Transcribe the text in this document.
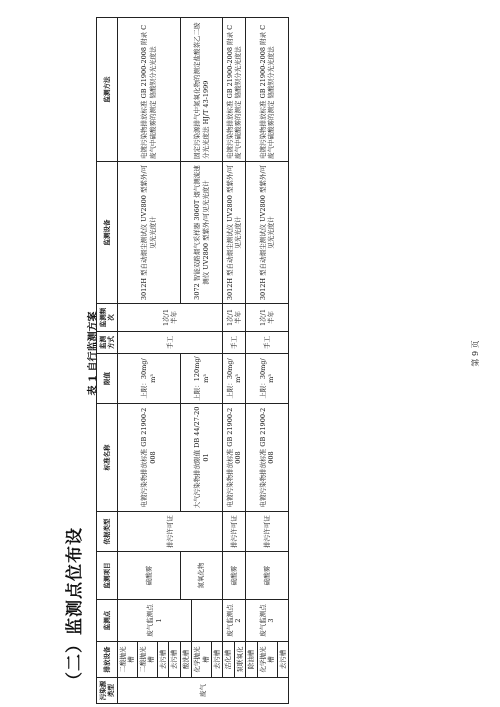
（二）监测点位布设
表 1 自行监测方案
污染源类型	排放设备	监测点	监测项目	依据类型	标准名称	限值	监测方式	监测频次	监测设备	监测方法
废气	二酸抛光槽	废气监测点 1	硫酸雾	排污许可证	电镀污染物排放标准 GB 21900-2008	上限：30mg/m³	手工	1次/1半年	3012H 型自动烟尘测试仪 UV2800 型紫外/可见光光度计	电镀污染物排放标准 GB 21900-2008 附录 C 废气中硫酸雾的测定 铬酸钡分光光度法
	二酸抛光槽									
	去污槽									
	去污槽									
	酸洗槽		氮氧化物		大气污染物排放限值 DB 44/27-2001	上限：120mg/m³			3072 智能双路烟气采样器 3060T 烟气测流速测仪 UV2800 型紫外/可见光光度计	固定污染源排气中氮氧化物的测定盐酸萘乙二胺分光光度法 HJ/T 43-1999
	化学抛光槽									
	去污槽									
	活化槽	废气监测点 2	硫酸雾	排污许可证	电镀污染物排放标准 GB 21900-2008	上限：30mg/m³	手工	1次/1半年	3012H 型自动烟尘测试仪 UV2800 型紫外/可见光光度计	电镀污染物排放标准 GB 21900-2008 附录 C 废气中硫酸雾的测定 铬酸钡分光光度法
	泵联氧化									
	除油槽	废气监测点 3	硫酸雾	排污许可证	电镀污染物排放标准 GB 21900-2008	上限：30mg/m³	手工	1次/1半年	3012H 型自动烟尘测试仪 UV2800 型紫外/可见光光度计	电镀污染物排放标准 GB 21900-2008 附录 C 废气中硫酸雾的测定 铬酸钡分光光度法
	化学抛光槽									
	去污槽									
第 9 页
